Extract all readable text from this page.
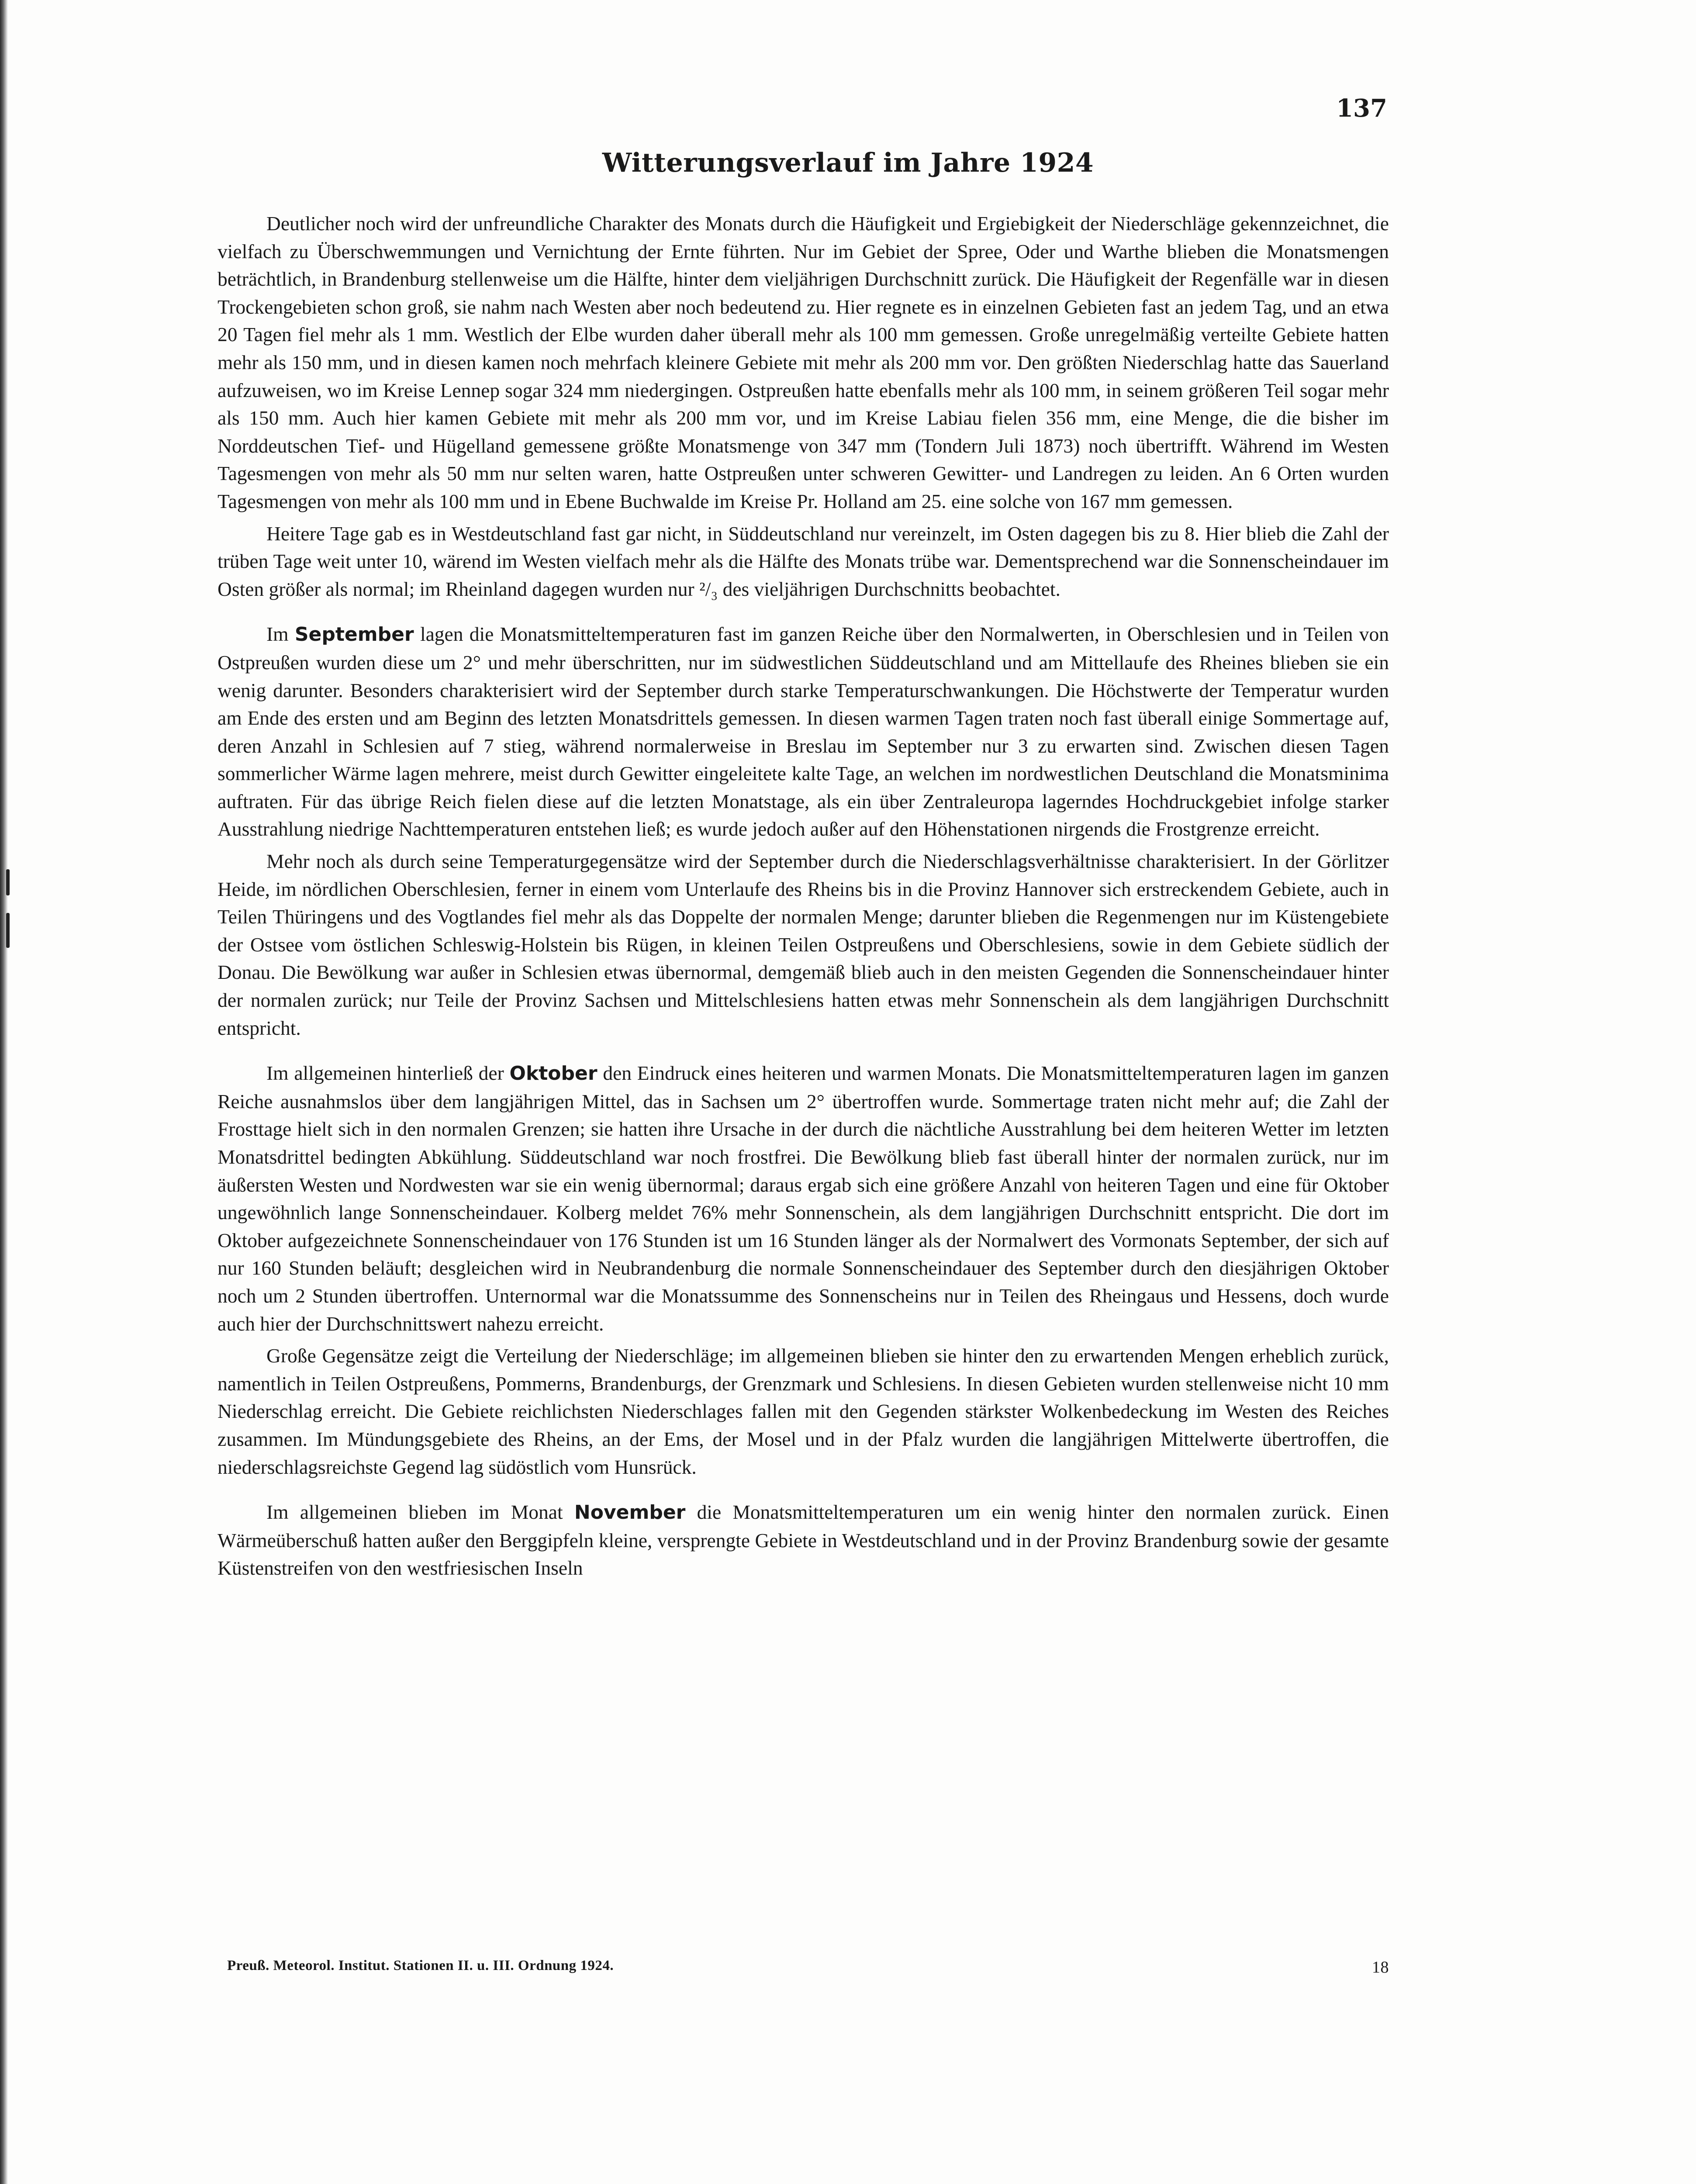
137
Witterungsverlauf im Jahre 1924

Deutlicher noch wird der unfreundliche Charakter des Monats durch die Häufigkeit und Ergiebigkeit der Niederschläge gekennzeichnet, die vielfach zu Überschwemmungen und Vernichtung der Ernte führten. Nur im Gebiet der Spree, Oder und Warthe blieben die Monatsmengen beträchtlich, in Brandenburg stellenweise um die Hälfte, hinter dem vieljährigen Durchschnitt zurück. Die Häufigkeit der Regenfälle war in diesen Trockengebieten schon groß, sie nahm nach Westen aber noch bedeutend zu. Hier regnete es in einzelnen Gebieten fast an jedem Tag, und an etwa 20 Tagen fiel mehr als 1 mm. Westlich der Elbe wurden daher überall mehr als 100 mm gemessen. Große unregelmäßig verteilte Gebiete hatten mehr als 150 mm, und in diesen kamen noch mehrfach kleinere Gebiete mit mehr als 200 mm vor. Den größten Niederschlag hatte das Sauerland aufzuweisen, wo im Kreise Lennep sogar 324 mm niedergingen. Ostpreußen hatte ebenfalls mehr als 100 mm, in seinem größeren Teil sogar mehr als 150 mm. Auch hier kamen Gebiete mit mehr als 200 mm vor, und im Kreise Labiau fielen 356 mm, eine Menge, die die bisher im Norddeutschen Tief- und Hügelland gemessene größte Monatsmenge von 347 mm (Tondern Juli 1873) noch übertrifft. Während im Westen Tagesmengen von mehr als 50 mm nur selten waren, hatte Ostpreußen unter schweren Gewitter- und Landregen zu leiden. An 6 Orten wurden Tagesmengen von mehr als 100 mm und in Ebene Buchwalde im Kreise Pr. Holland am 25. eine solche von 167 mm gemessen.

Heitere Tage gab es in Westdeutschland fast gar nicht, in Süddeutschland nur vereinzelt, im Osten dagegen bis zu 8. Hier blieb die Zahl der trüben Tage weit unter 10, wärend im Westen vielfach mehr als die Hälfte des Monats trübe war. Dementsprechend war die Sonnenscheindauer im Osten größer als normal; im Rheinland dagegen wurden nur ²/₃ des vieljährigen Durchschnitts beobachtet.

Im September lagen die Monatsmitteltemperaturen fast im ganzen Reiche über den Normalwerten, in Oberschlesien und in Teilen von Ostpreußen wurden diese um 2° und mehr überschritten, nur im südwestlichen Süddeutschland und am Mittellaufe des Rheines blieben sie ein wenig darunter. Besonders charakterisiert wird der September durch starke Temperaturschwankungen. Die Höchstwerte der Temperatur wurden am Ende des ersten und am Beginn des letzten Monatsdrittels gemessen. In diesen warmen Tagen traten noch fast überall einige Sommertage auf, deren Anzahl in Schlesien auf 7 stieg, während normalerweise in Breslau im September nur 3 zu erwarten sind. Zwischen diesen Tagen sommerlicher Wärme lagen mehrere, meist durch Gewitter eingeleitete kalte Tage, an welchen im nordwestlichen Deutschland die Monatsminima auftraten. Für das übrige Reich fielen diese auf die letzten Monatstage, als ein über Zentraleuropa lagerndes Hochdruckgebiet infolge starker Ausstrahlung niedrige Nachttemperaturen entstehen ließ; es wurde jedoch außer auf den Höhenstationen nirgends die Frostgrenze erreicht.

Mehr noch als durch seine Temperaturgegensätze wird der September durch die Niederschlagsverhältnisse charakterisiert. In der Görlitzer Heide, im nördlichen Oberschlesien, ferner in einem vom Unterlaufe des Rheins bis in die Provinz Hannover sich erstreckendem Gebiete, auch in Teilen Thüringens und des Vogtlandes fiel mehr als das Doppelte der normalen Menge; darunter blieben die Regenmengen nur im Küstengebiete der Ostsee vom östlichen Schleswig-Holstein bis Rügen, in kleinen Teilen Ostpreußens und Oberschlesiens, sowie in dem Gebiete südlich der Donau. Die Bewölkung war außer in Schlesien etwas übernormal, demgemäß blieb auch in den meisten Gegenden die Sonnenscheindauer hinter der normalen zurück; nur Teile der Provinz Sachsen und Mittelschlesiens hatten etwas mehr Sonnenschein als dem langjährigen Durchschnitt entspricht.

Im allgemeinen hinterließ der Oktober den Eindruck eines heiteren und warmen Monats. Die Monatsmitteltemperaturen lagen im ganzen Reiche ausnahmslos über dem langjährigen Mittel, das in Sachsen um 2° übertroffen wurde. Sommertage traten nicht mehr auf; die Zahl der Frosttage hielt sich in den normalen Grenzen; sie hatten ihre Ursache in der durch die nächtliche Ausstrahlung bei dem heiteren Wetter im letzten Monatsdrittel bedingten Abkühlung. Süddeutschland war noch frostfrei. Die Bewölkung blieb fast überall hinter der normalen zurück, nur im äußersten Westen und Nordwesten war sie ein wenig übernormal; daraus ergab sich eine größere Anzahl von heiteren Tagen und eine für Oktober ungewöhnlich lange Sonnenscheindauer. Kolberg meldet 76% mehr Sonnenschein, als dem langjährigen Durchschnitt entspricht. Die dort im Oktober aufgezeichnete Sonnenscheindauer von 176 Stunden ist um 16 Stunden länger als der Normalwert des Vormonats September, der sich auf nur 160 Stunden beläuft; desgleichen wird in Neubrandenburg die normale Sonnenscheindauer des September durch den diesjährigen Oktober noch um 2 Stunden übertroffen. Unternormal war die Monatssumme des Sonnenscheins nur in Teilen des Rheingaus und Hessens, doch wurde auch hier der Durchschnittswert nahezu erreicht.

Große Gegensätze zeigt die Verteilung der Niederschläge; im allgemeinen blieben sie hinter den zu erwartenden Mengen erheblich zurück, namentlich in Teilen Ostpreußens, Pommerns, Brandenburgs, der Grenzmark und Schlesiens. In diesen Gebieten wurden stellenweise nicht 10 mm Niederschlag erreicht. Die Gebiete reichlichsten Niederschlages fallen mit den Gegenden stärkster Wolkenbedeckung im Westen des Reiches zusammen. Im Mündungsgebiete des Rheins, an der Ems, der Mosel und in der Pfalz wurden die langjährigen Mittelwerte übertroffen, die niederschlagsreichste Gegend lag südöstlich vom Hunsrück.

Im allgemeinen blieben im Monat November die Monatsmitteltemperaturen um ein wenig hinter den normalen zurück. Einen Wärmeüberschuß hatten außer den Berggipfeln kleine, versprengte Gebiete in Westdeutschland und in der Provinz Brandenburg sowie der gesamte Küstenstreifen von den westfriesischen Inseln

Preuß. Meteorol. Institut. Stationen II. u. III. Ordnung 1924.	18
